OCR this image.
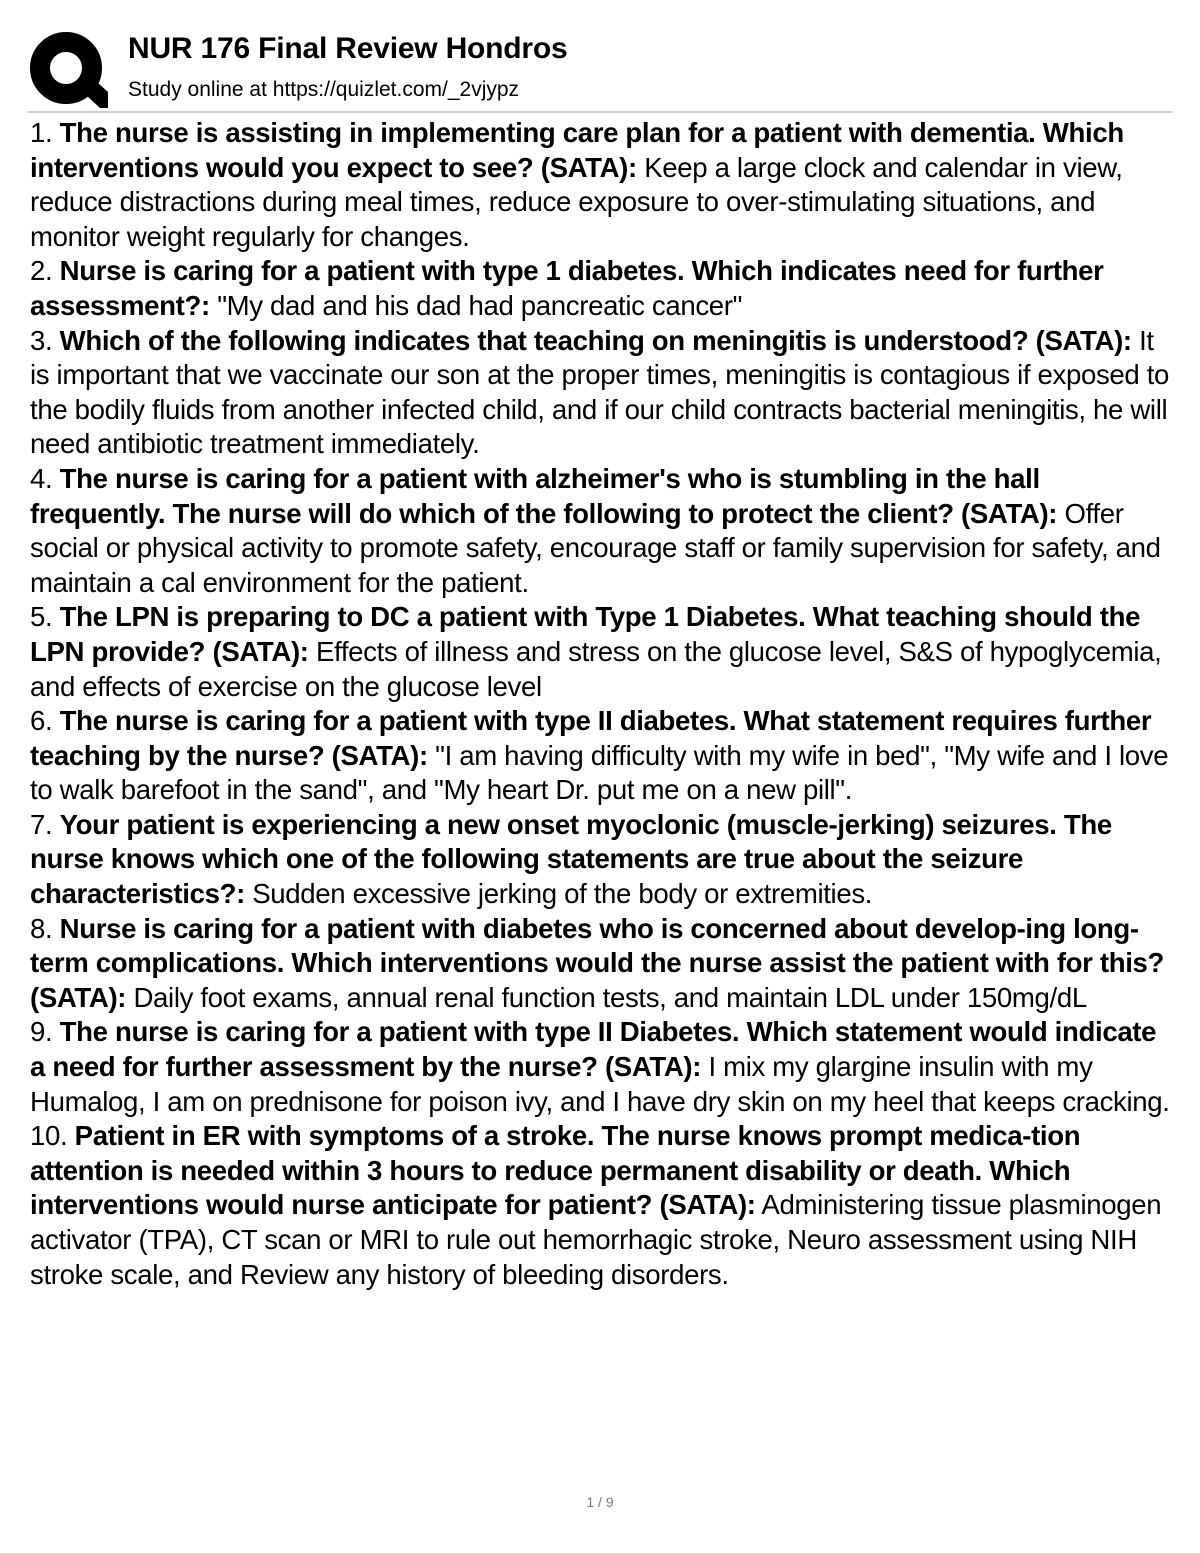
NUR 176 Final Review Hondros
Study online at https://quizlet.com/_2vjypz
1. The nurse is assisting in implementing care plan for a patient with dementia. Which interventions would you expect to see? (SATA): Keep a large clock and calendar in view, reduce distractions during meal times, reduce exposure to over-stimulating situations, and monitor weight regularly for changes.
2. Nurse is caring for a patient with type 1 diabetes. Which indicates need for further assessment?: "My dad and his dad had pancreatic cancer"
3. Which of the following indicates that teaching on meningitis is understood? (SATA): It is important that we vaccinate our son at the proper times, meningitis is contagious if exposed to the bodily fluids from another infected child, and if our child contracts bacterial meningitis, he will need antibiotic treatment immediately.
4. The nurse is caring for a patient with alzheimer's who is stumbling in the hall frequently. The nurse will do which of the following to protect the client? (SATA): Offer social or physical activity to promote safety, encourage staff or family supervision for safety, and maintain a cal environment for the patient.
5. The LPN is preparing to DC a patient with Type 1 Diabetes. What teaching should the LPN provide? (SATA): Effects of illness and stress on the glucose level, S&S of hypoglycemia, and effects of exercise on the glucose level
6. The nurse is caring for a patient with type II diabetes. What statement requires further teaching by the nurse? (SATA): "I am having difficulty with my wife in bed", "My wife and I love to walk barefoot in the sand", and "My heart Dr. put me on a new pill".
7. Your patient is experiencing a new onset myoclonic (muscle-jerking) seizures. The nurse knows which one of the following statements are true about the seizure characteristics?: Sudden excessive jerking of the body or extremities.
8. Nurse is caring for a patient with diabetes who is concerned about develop-ing long-term complications. Which interventions would the nurse assist the patient with for this? (SATA): Daily foot exams, annual renal function tests, and maintain LDL under 150mg/dL
9. The nurse is caring for a patient with type II Diabetes. Which statement would indicate a need for further assessment by the nurse? (SATA): I mix my glargine insulin with my Humalog, I am on prednisone for poison ivy, and I have dry skin on my heel that keeps cracking.
10. Patient in ER with symptoms of a stroke. The nurse knows prompt medica-tion attention is needed within 3 hours to reduce permanent disability or death. Which interventions would nurse anticipate for patient? (SATA): Administering tissue plasminogen activator (TPA), CT scan or MRI to rule out hemorrhagic stroke, Neuro assessment using NIH stroke scale, and Review any history of bleeding disorders.
1 / 9
